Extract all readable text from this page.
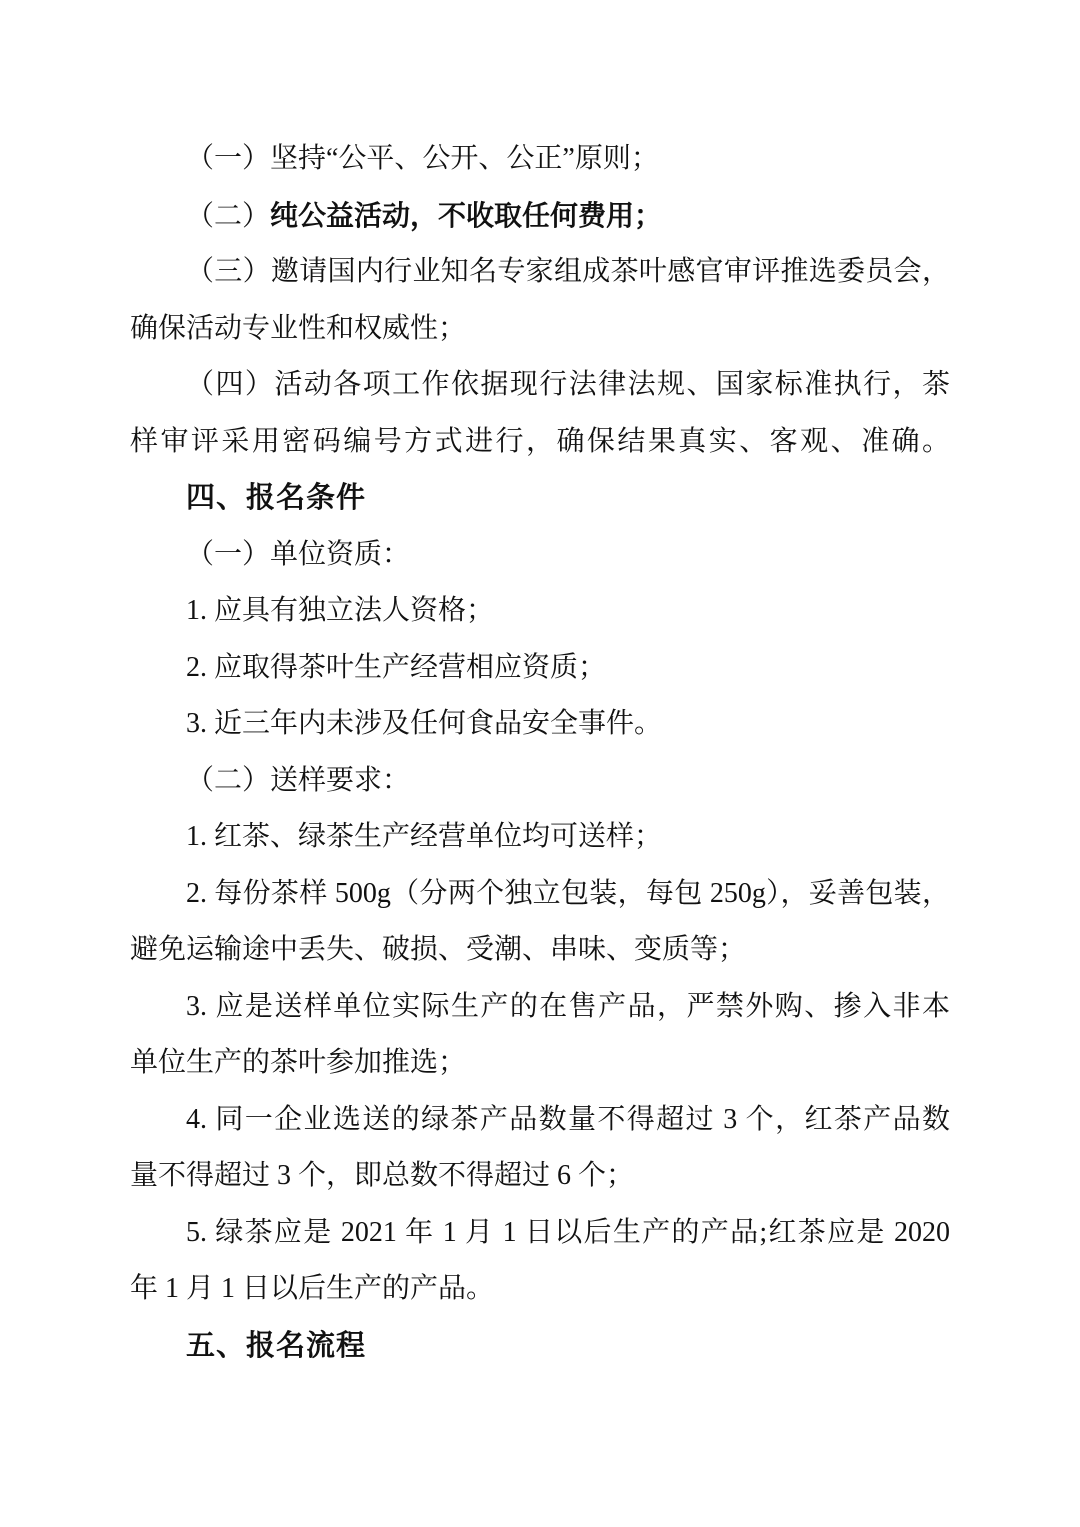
（一）坚持“公平、公开、公正”原则；

（二）纯公益活动，不收取任何费用；

（三）邀请国内行业知名专家组成茶叶感官审评推选委员会，

确保活动专业性和权威性；

（四）活动各项工作依据现行法律法规、国家标准执行，茶

样审评采用密码编号方式进行，确保结果真实、客观、准确。

四、报名条件

（一）单位资质：

1. 应具有独立法人资格；

2. 应取得茶叶生产经营相应资质；

3. 近三年内未涉及任何食品安全事件。

（二）送样要求：

1. 红茶、绿茶生产经营单位均可送样；

2. 每份茶样 500g（分两个独立包装，每包 250g），妥善包装，

避免运输途中丢失、破损、受潮、串味、变质等；

3. 应是送样单位实际生产的在售产品，严禁外购、掺入非本

单位生产的茶叶参加推选；

4. 同一企业选送的绿茶产品数量不得超过 3 个，红茶产品数

量不得超过 3 个，即总数不得超过 6 个；

5. 绿茶应是 2021 年 1 月 1 日以后生产的产品;红茶应是 2020

年 1 月 1 日以后生产的产品。

五、报名流程
